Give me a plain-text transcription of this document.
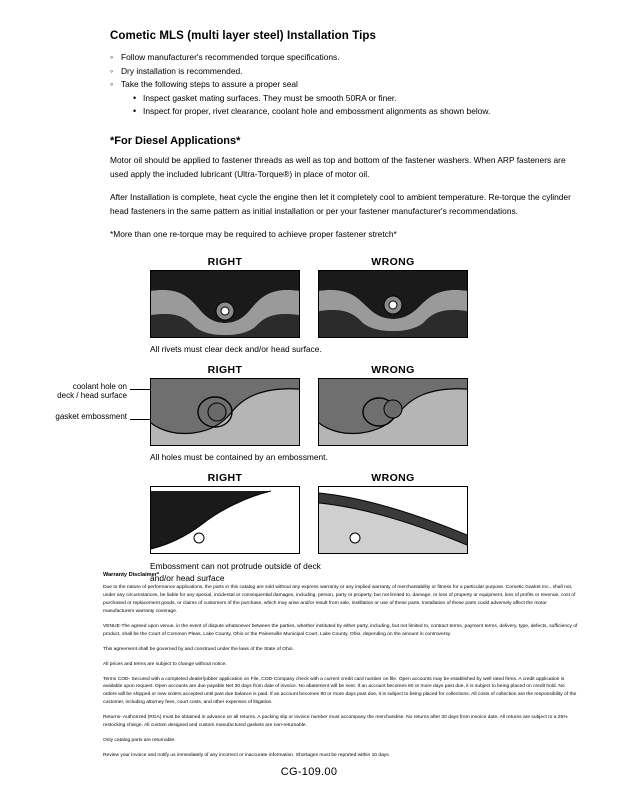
Cometic MLS (multi layer steel) Installation Tips
◦ Follow manufacturer's recommended torque specifications.
◦ Dry installation is recommended.
◦ Take the following steps to assure a proper seal
• Inspect gasket mating surfaces. They must be smooth 50RA or finer.
• Inspect for proper, rivet clearance, coolant hole and embossment alignments as shown below.
*For Diesel Applications*

Motor oil should be applied to fastener threads as well as top and bottom of the fastener washers. When ARP fasteners are used apply the included lubricant (Ultra-Torque®) in place of motor oil.

After Installation is complete, heat cycle the engine then let it completely cool to ambient temperature. Re-torque the cylinder head fasteners in the same pattern as initial installation or per your fastener manufacturer's recommendations.

*More than one re-torque may be required to achieve proper fastener stretch*

RIGHT	WRONG
All rivets must clear deck and/or head surface.
coolant hole on
deck / head surface
gasket embossment
RIGHT	WRONG
All holes must be contained by an embossment.
RIGHT	WRONG
Embossment can not protrude outside of deck
and/or head surface
Warranty Disclaimer*

Due to the nature of performance applications, the parts in this catalog are sold without any express warranty or any implied warranty of merchantability or fitness for a particular purpose. Cometic Gasket Inc., shall not, under any circumstances, be liable for any special, incidental or consequential damages, including, person, party or property, but not limited to, damage, or loss of property or equipment, loss of profits or revenue, cost of purchased or replacement goods, or claims of customers of the purchase, which may arise and/or result from sale, instillation or use of these parts. Installation of these parts could adversely affect the motor manufacturers warranty coverage.

VENUE-The agreed upon venue, in the event of dispute whatsoever between the parties, whether instituted by either party, including, but not limited to, contract terms, payment terms, delivery, type, defects, sufficiency of product, shall be the Court of Common Pleas, Lake County, Ohio or the Painesville Municipal Court, Lake County, Ohio, depending on the amount in controversy.

This agreement shall be governed by and construed under the laws of the State of Ohio.

All prices and terms are subject to change without notice.

Terms COD- Secured with a completed dealer/jobber application on File, COD-Company check with a current credit card number on file. Open accounts may be established by well rated firms. A credit application is available upon request. Open accounts are due payable Net 30 days from date of invoice. No abatement will be sent. If an account becomes 60 or more days past due, it is subject to being placed on credit hold. No orders will be shipped or new orders accepted until past due balance is paid. If an account becomes 90 or more days past due, it is subject to being placed for collections. All costs of collection are the responsibility of the customer, including attorney fees, court costs, and other expenses of litigation.

Returns- Authorized (RGA) must be obtained in advance on all returns. A packing slip or invoice number must accompany the merchandise. No returns after 30 days from invoice date. All returns are subject to a 25% restocking charge. All custom designed and custom manufactured gaskets are non-returnable.

Only catalog parts are returnable.

Review your invoice and notify us immediately of any incorrect or inaccurate information. Shortages must be reported within 10 days.

CG-109.00
